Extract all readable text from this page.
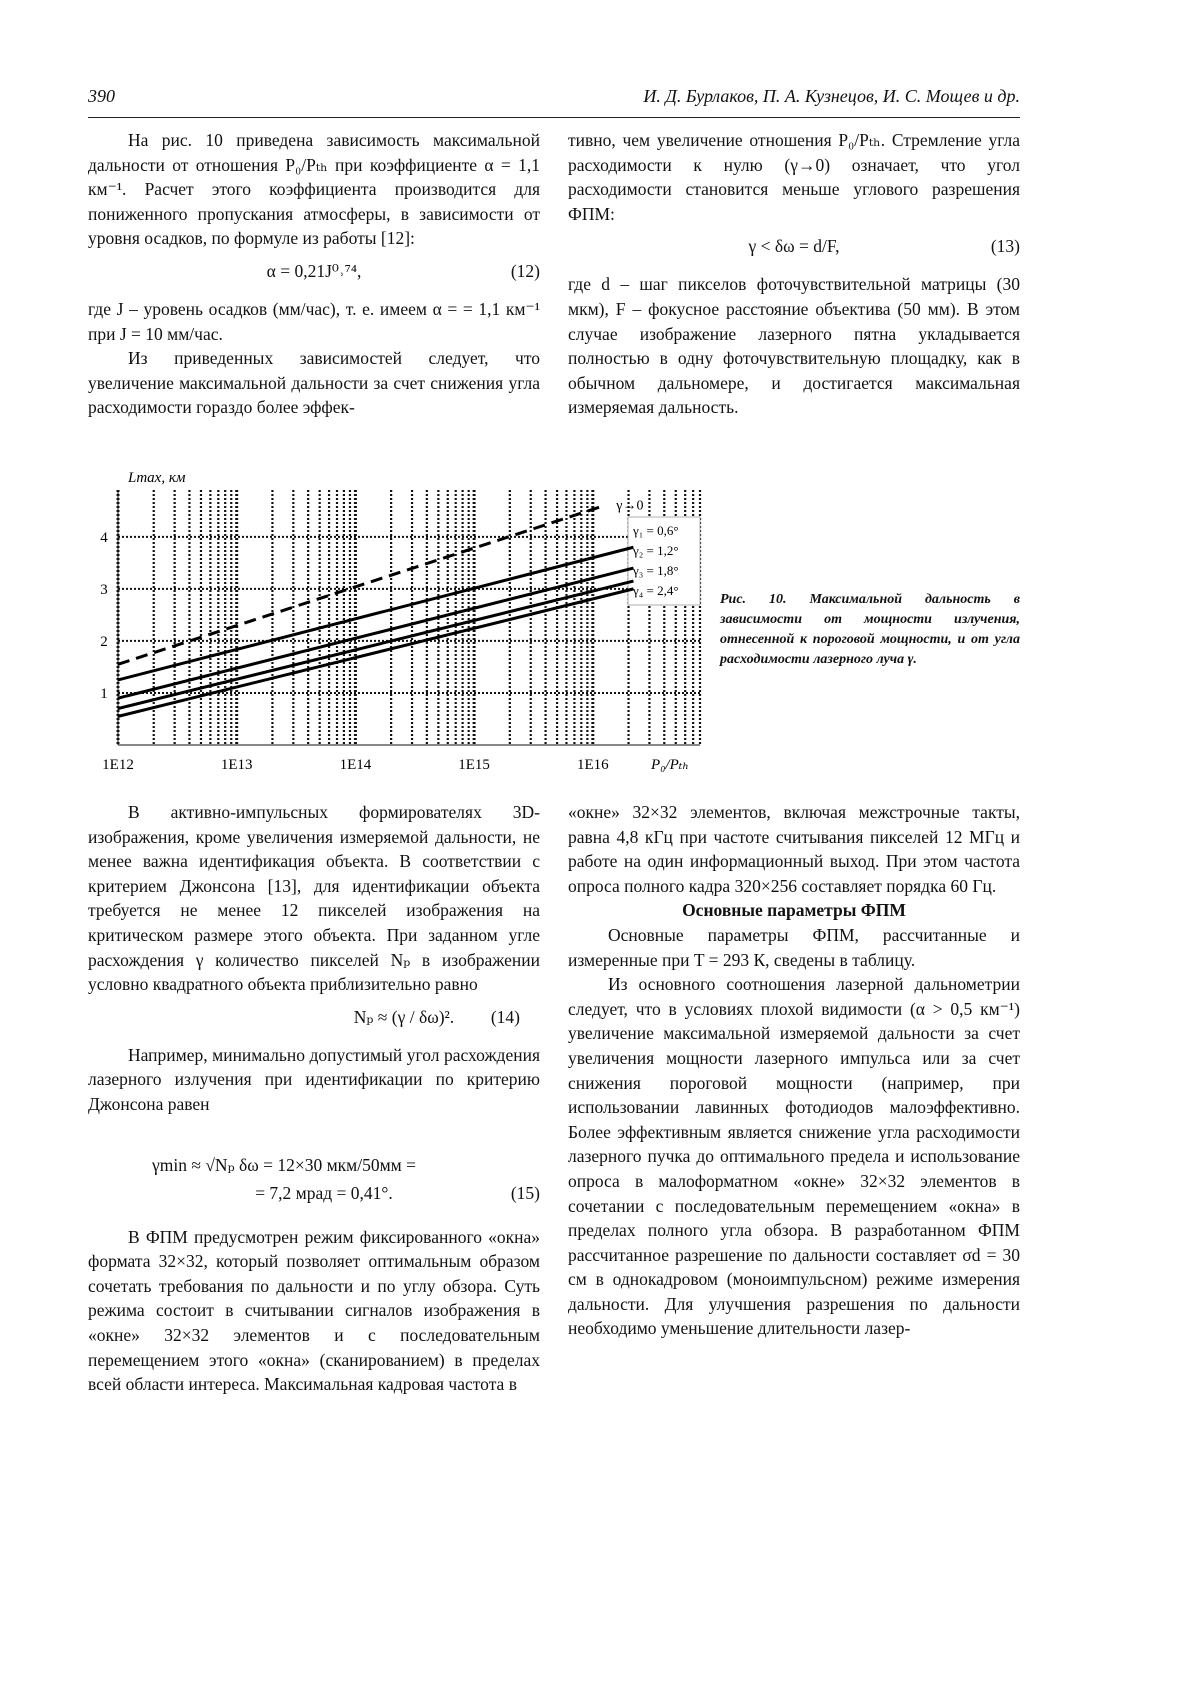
390	И. Д. Бурлаков, П. А. Кузнецов, И. С. Мощев и др.

На рис. 10 приведена зависимость максимальной дальности от отношения P₀/Pₜₕ при коэффициенте α = 1,1 км⁻¹. Расчет этого коэффициента производится для пониженного пропускания атмосферы, в зависимости от уровня осадков, по формуле из работы [12]:

α = 0,21J⁰˒⁷⁴,	(12)

где J – уровень осадков (мм/час), т. е. имеем α = = 1,1 км⁻¹ при J = 10 мм/час.

Из приведенных зависимостей следует, что увеличение максимальной дальности за счет снижения угла расходимости гораздо более эффек-

тивно, чем увеличение отношения P₀/Pₜₕ. Стремление угла расходимости к нулю (γ→0) означает, что угол расходимости становится меньше углового разрешения ФПМ:

γ < δω = d/F,	(13)

где d – шаг пикселов фоточувствительной матрицы (30 мкм), F – фокусное расстояние объектива (50 мм). В этом случае изображение лазерного пятна укладывается полностью в одну фоточувствительную площадку, как в обычном дальномере, и достигается максимальная измеряемая дальность.

1
2
3
4
1E12	1E13	1E14	1E15	1E16	P₀/Pₜₕ
Lmax, км
γ→0
γ₁ = 0,6°
γ₂ = 1,2°
γ₃ = 1,8°
γ₄ = 2,4°
Рис. 10. Максимальной дальность в зависимости от мощности излучения, отнесенной к пороговой мощности, и от угла расходимости лазерного луча γ.

В активно-импульсных формирователях 3D-изображения, кроме увеличения измеряемой дальности, не менее важна идентификация объекта. В соответствии с критерием Джонсона [13], для идентификации объекта требуется не менее 12 пикселей изображения на критическом размере этого объекта. При заданном угле расхождения γ количество пикселей Nₚ в изображении условно квадратного объекта приблизительно равно

Nₚ ≈ (γ / δω)².	(14)

Например, минимально допустимый угол расхождения лазерного излучения при идентификации по критерию Джонсона равен

γmin ≈ √Nₚ δω = 12×30 мкм/50мм =
= 7,2 мрад = 0,41°.	(15)

В ФПМ предусмотрен режим фиксированного «окна» формата 32×32, который позволяет оптимальным образом сочетать требования по дальности и по углу обзора. Суть режима состоит в считывании сигналов изображения в «окне» 32×32 элементов и с последовательным перемещением этого «окна» (сканированием) в пределах всей области интереса. Максимальная кадровая частота в

«окне» 32×32 элементов, включая межстрочные такты, равна 4,8 кГц при частоте считывания пикселей 12 МГц и работе на один информационный выход. При этом частота опроса полного кадра 320×256 составляет порядка 60 Гц.

Основные параметры ФПМ

Основные параметры ФПМ, рассчитанные и измеренные при T = 293 К, сведены в таблицу.

Из основного соотношения лазерной дальнометрии следует, что в условиях плохой видимости (α > 0,5 км⁻¹) увеличение максимальной измеряемой дальности за счет увеличения мощности лазерного импульса или за счет снижения пороговой мощности (например, при использовании лавинных фотодиодов малоэффективно. Более эффективным является снижение угла расходимости лазерного пучка до оптимального предела и использование опроса в малоформатном «окне» 32×32 элементов в сочетании с последовательным перемещением «окна» в пределах полного угла обзора. В разработанном ФПМ рассчитанное разрешение по дальности составляет σd = 30 см в однокадровом (моноимпульсном) режиме измерения дальности. Для улучшения разрешения по дальности необходимо уменьшение длительности лазер-
